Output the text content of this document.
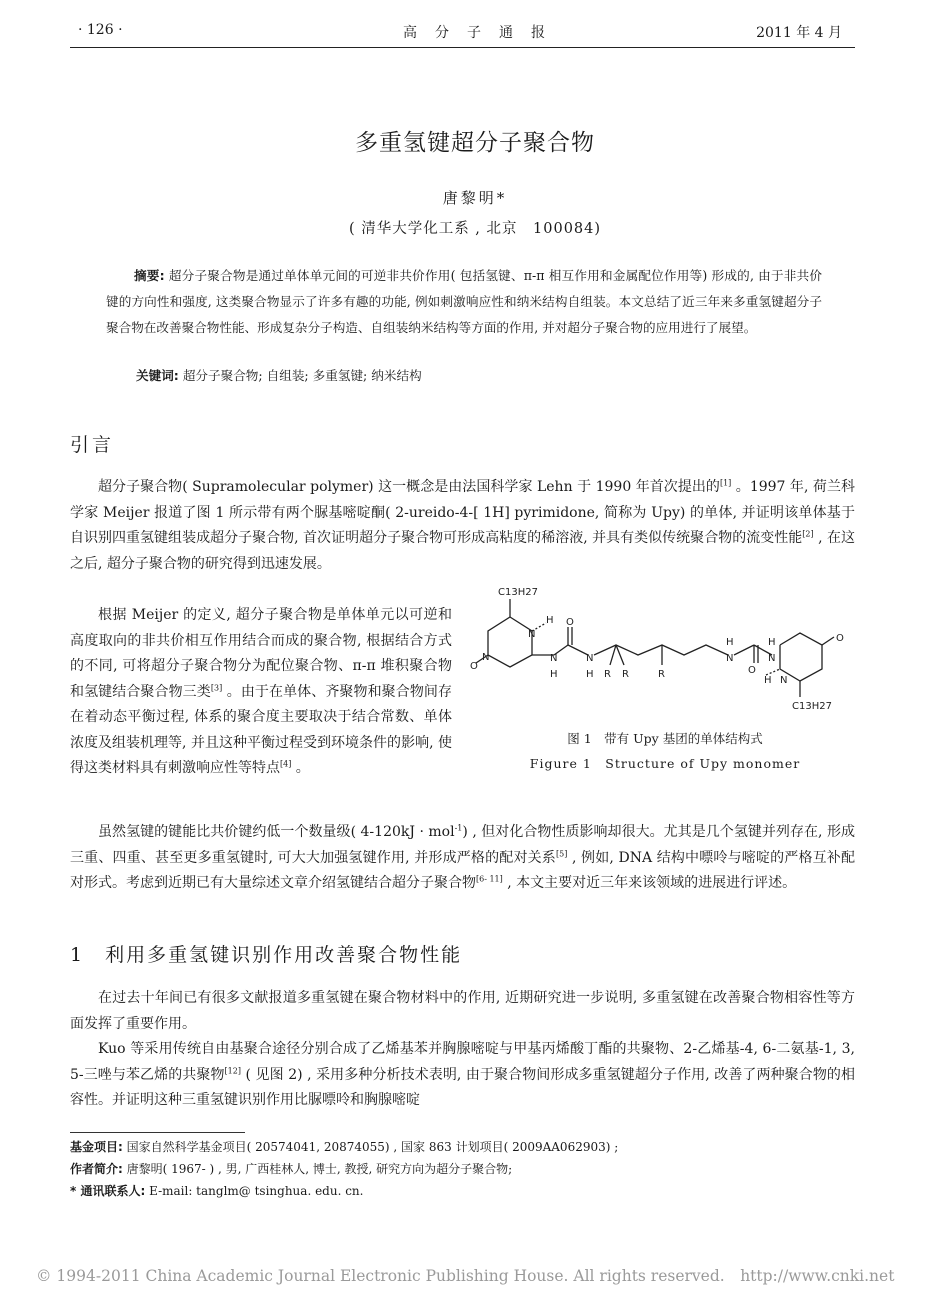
· 126 ·	高　分　子　通　报	2011 年 4 月
多重氢键超分子聚合物
唐黎明*
( 清华大学化工系 , 北京　100084)
摘要: 超分子聚合物是通过单体单元间的可逆非共价作用( 包括氢键、π-π 相互作用和金属配位作用等) 形成的, 由于非共价键的方向性和强度, 这类聚合物显示了许多有趣的功能, 例如刺激响应性和纳米结构自组装。本文总结了近三年来多重氢键超分子聚合物在改善聚合物性能、形成复杂分子构造、自组装纳米结构等方面的作用, 并对超分子聚合物的应用进行了展望。
关键词: 超分子聚合物; 自组装; 多重氢键; 纳米结构
引言
超分子聚合物( Supramolecular polymer) 这一概念是由法国科学家 Lehn 于 1990 年首次提出的[1] 。1997 年, 荷兰科学家 Meijer 报道了图 1 所示带有两个脲基嘧啶酮( 2-ureido-4-[ 1H] pyrimidone, 简称为 Upy) 的单体, 并证明该单体基于自识别四重氢键组装成超分子聚合物, 首次证明超分子聚合物可形成高粘度的稀溶液, 并具有类似传统聚合物的流变性能[2] , 在这之后, 超分子聚合物的研究得到迅速发展。
根据 Meijer 的定义, 超分子聚合物是单体单元以可逆和高度取向的非共价相互作用结合而成的聚合物, 根据结合方式的不同, 可将超分子聚合物分为配位聚合物、π-π 堆积聚合物和氢键结合聚合物三类[3] 。由于在单体、齐聚物和聚合物间存在着动态平衡过程, 体系的聚合度主要取决于结合常数、单体浓度及组装机理等, 并且这种平衡过程受到环境条件的影响, 使得这类材料具有刺激响应性等特点[4] 。
C13H27
N
H O
N
O
N
H
N
H R R	R
N
H
O
N
H
N
H
O
C13H27
图 1　带有 Upy 基团的单体结构式
Figure 1　Structure of Upy monomer
虽然氢键的键能比共价键约低一个数量级( 4-120kJ · mol$^{-1}$) , 但对化合物性质影响却很大。尤其是几个氢键并列存在, 形成三重、四重、甚至更多重氢键时, 可大大加强氢键作用, 并形成严格的配对关系[5] , 例如, DNA 结构中嘌呤与嘧啶的严格互补配对形式。考虑到近期已有大量综述文章介绍氢键结合超分子聚合物[6- 11] , 本文主要对近三年来该领域的进展进行评述。
1　利用多重氢键识别作用改善聚合物性能
在过去十年间已有很多文献报道多重氢键在聚合物材料中的作用, 近期研究进一步说明, 多重氢键在改善聚合物相容性等方面发挥了重要作用。
Kuo 等采用传统自由基聚合途径分别合成了乙烯基苯并胸腺嘧啶与甲基丙烯酸丁酯的共聚物、2-乙烯基-4, 6-二氨基-1, 3, 5-三唑与苯乙烯的共聚物[12] ( 见图 2) , 采用多种分析技术表明, 由于聚合物间形成多重氢键超分子作用, 改善了两种聚合物的相容性。并证明这种三重氢键识别作用比脲嘌呤和胸腺嘧啶
基金项目: 国家自然科学基金项目( 20574041, 20874055) , 国家 863 计划项目( 2009AA062903) ;
作者简介: 唐黎明( 1967- ) , 男, 广西桂林人, 博士, 教授, 研究方向为超分子聚合物;
* 通讯联系人: E-mail: tanglm@ tsinghua. edu. cn.
© 1994-2011 China Academic Journal Electronic Publishing House. All rights reserved.　http://www.cnki.net
